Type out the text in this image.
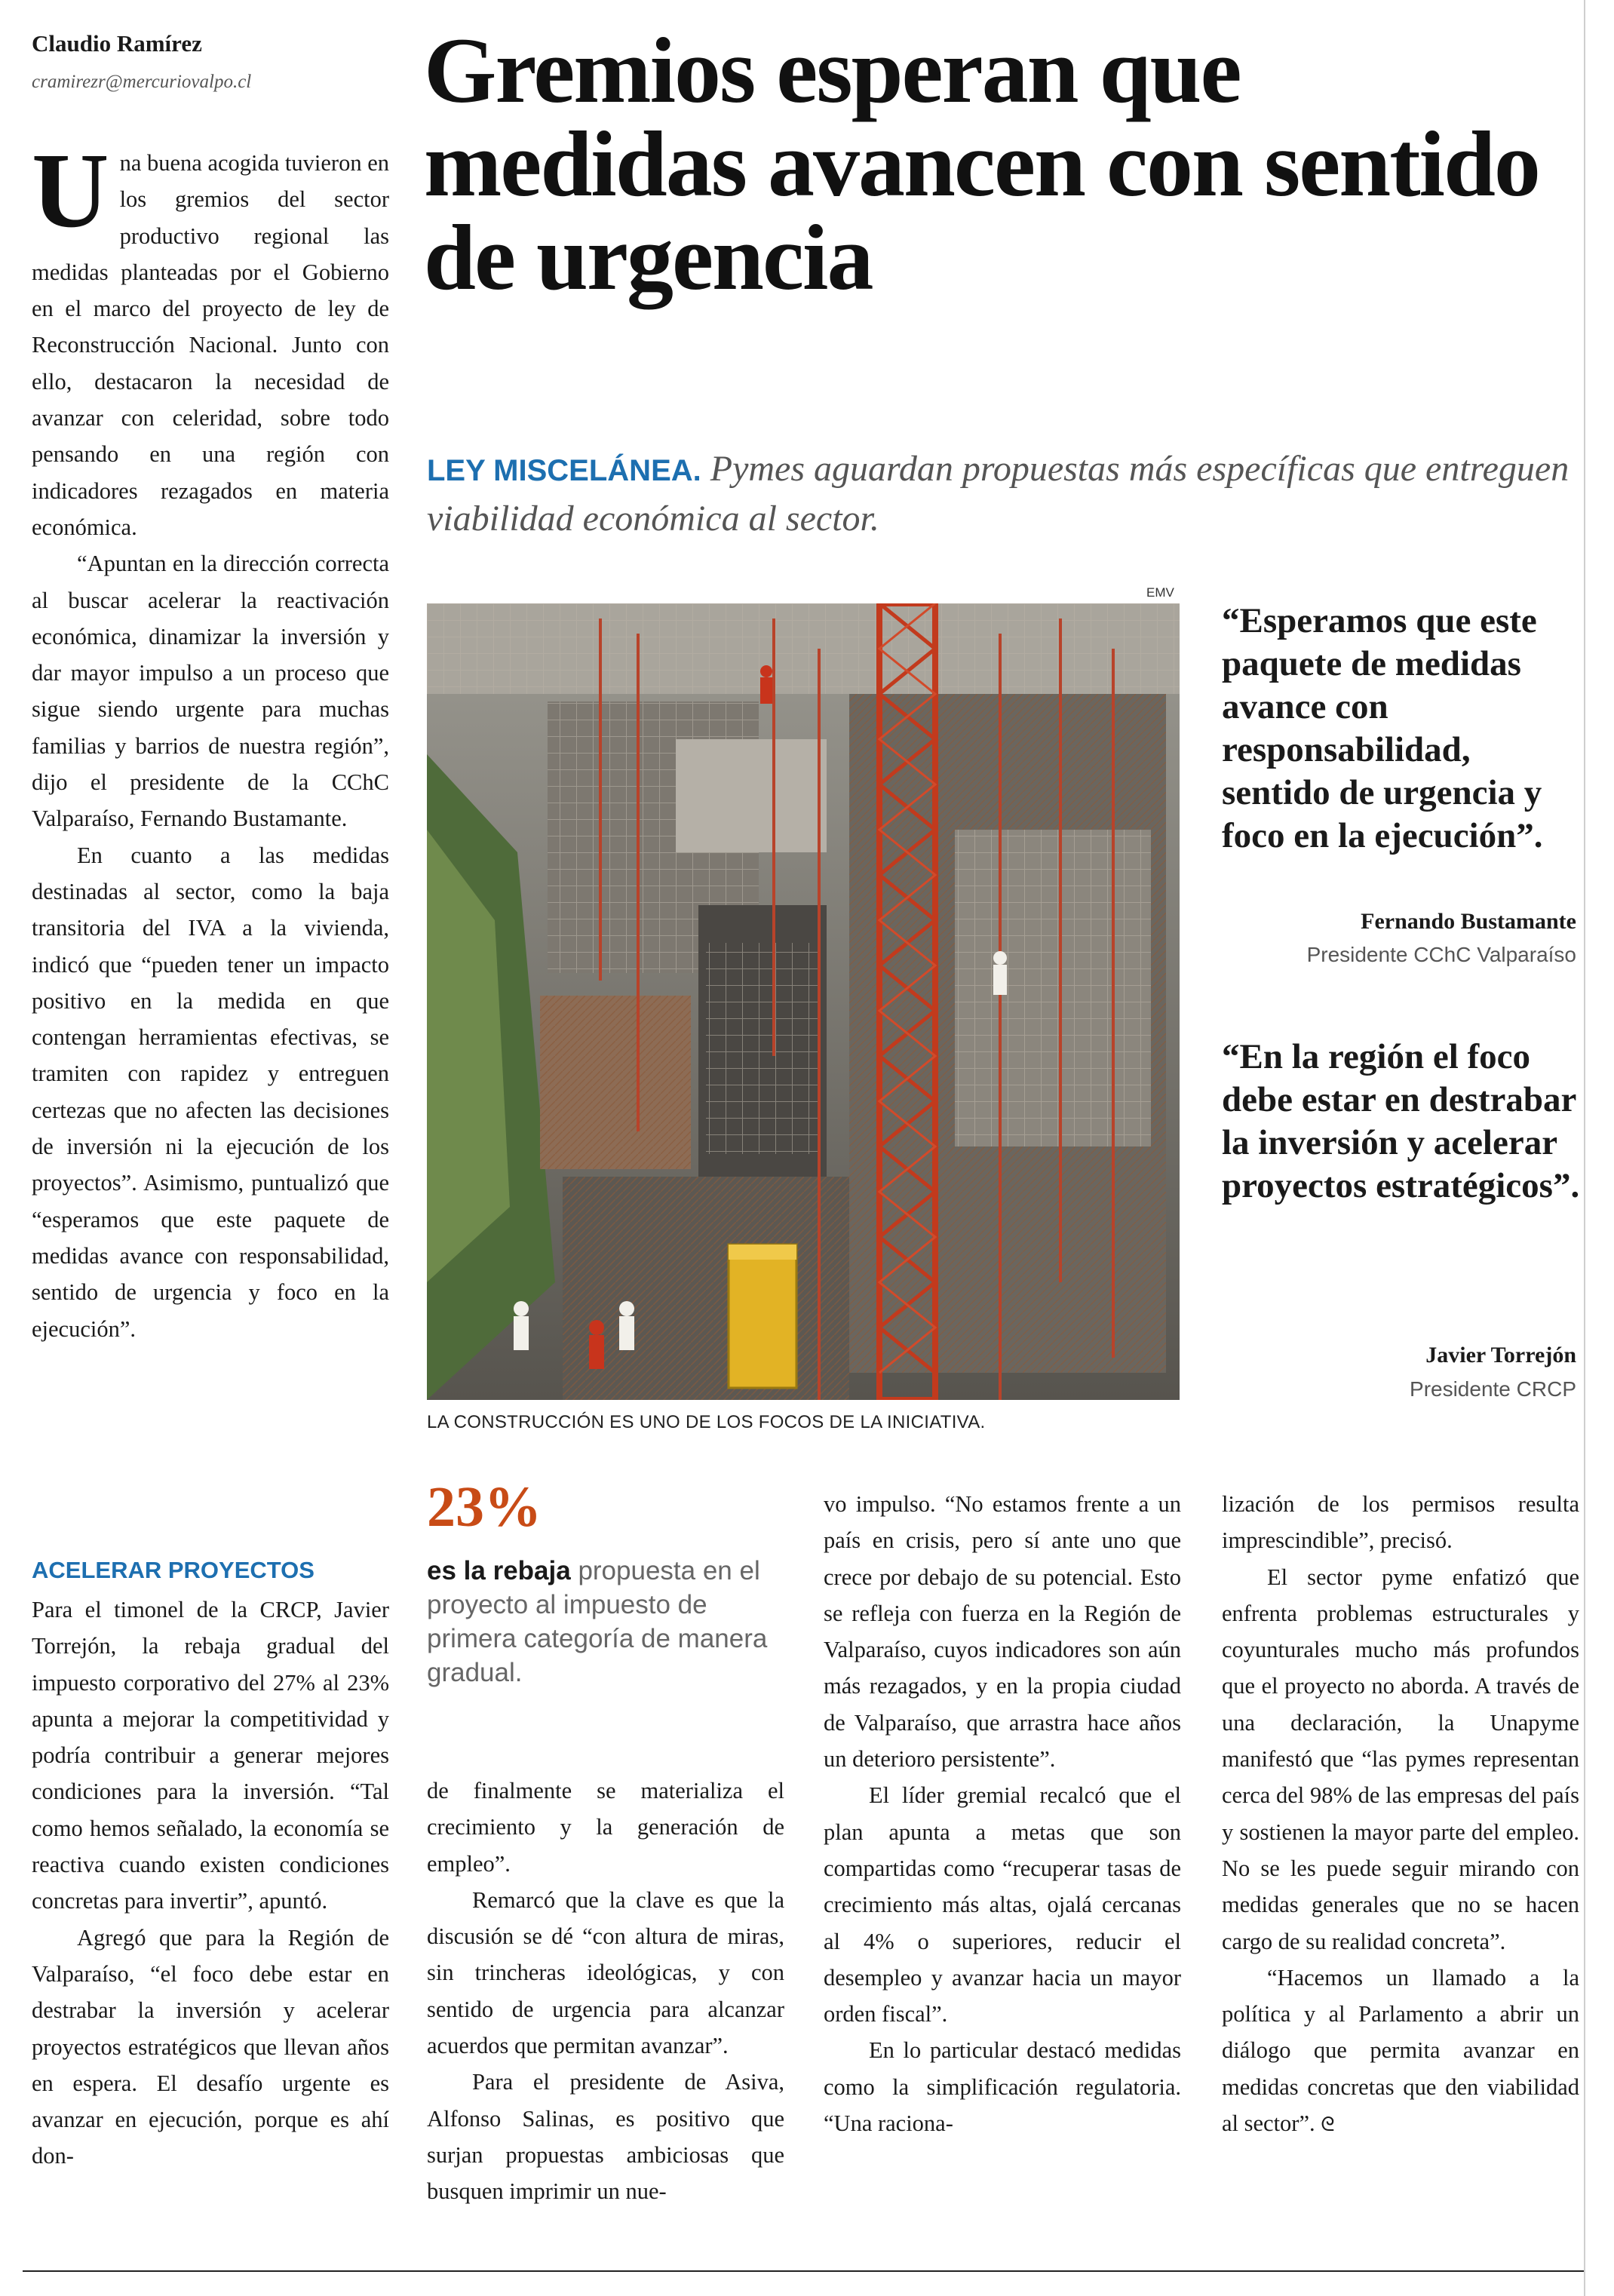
Claudio Ramírez
cramirezr@mercuriovalpo.cl Gremios esperan que medidas avancen con sentido de urgencia
LEY MISCELÁNEA. Pymes aguardan propuestas más específicas que entreguen viabilidad económica al sector.

Una buena acogida tuvieron en los gremios del sector productivo regional las medidas planteadas por el Gobierno en el marco del proyecto de ley de Reconstrucción Nacional. Junto con ello, destacaron la necesidad de avanzar con celeridad, sobre todo pensando en una región con indicadores rezagados en materia económica.

“Apuntan en la dirección correcta al buscar acelerar la reactivación económica, dinamizar la inversión y dar mayor impulso a un proceso que sigue siendo urgente para muchas familias y barrios de nuestra región”, dijo el presidente de la CChC Valparaíso, Fernando Bustamante.

En cuanto a las medidas destinadas al sector, como la baja transitoria del IVA a la vivienda, indicó que “pueden tener un impacto positivo en la medida en que contengan herramientas efectivas, se tramiten con rapidez y entreguen certezas que no afecten las decisiones de inversión ni la ejecución de los proyectos”. Asimismo, puntualizó que “esperamos que este paquete de medidas avance con responsabilidad, sentido de urgencia y foco en la ejecución”.

ACELERAR PROYECTOS

Para el timonel de la CRCP, Javier Torrejón, la rebaja gradual del impuesto corporativo del 27% al 23% apunta a mejorar la competitividad y podría contribuir a generar mejores condiciones para la inversión. “Tal como hemos señalado, la economía se reactiva cuando existen condiciones concretas para invertir”, apuntó.

Agregó que para la Región de Valparaíso, “el foco debe estar en destrabar la inversión y acelerar proyectos estratégicos que llevan años en espera. El desafío urgente es avanzar en ejecución, porque es ahí don-

EMV
LA CONSTRUCCIÓN ES UNO DE LOS FOCOS DE LA INICIATIVA.
“Esperamos que este paquete de medidas avance con responsabilidad, sentido de urgencia y foco en la ejecución”.
Fernando Bustamante
Presidente CChC Valparaíso
“En la región el foco debe estar en destrabar la inversión y acelerar proyectos estratégicos”.
Javier Torrejón
Presidente CRCP
23%
es la rebaja propuesta en el proyecto al impuesto de primera categoría de manera gradual.

de finalmente se materializa el crecimiento y la generación de empleo”.

Remarcó que la clave es que la discusión se dé “con altura de miras, sin trincheras ideológicas, y con sentido de urgencia para alcanzar acuerdos que permitan avanzar”.

Para el presidente de Asiva, Alfonso Salinas, es positivo que surjan propuestas ambiciosas que busquen imprimir un nue-

vo impulso. “No estamos frente a un país en crisis, pero sí ante uno que crece por debajo de su potencial. Esto se refleja con fuerza en la Región de Valparaíso, cuyos indicadores son aún más rezagados, y en la propia ciudad de Valparaíso, que arrastra hace años un deterioro persistente”.

El líder gremial recalcó que el plan apunta a metas que son compartidas como “recuperar tasas de crecimiento más altas, ojalá cercanas al 4% o superiores, reducir el desempleo y avanzar hacia un mayor orden fiscal”.

En lo particular destacó medidas como la simplificación regulatoria. “Una raciona-

lización de los permisos resulta imprescindible”, precisó.

El sector pyme enfatizó que enfrenta problemas estructurales y coyunturales mucho más profundos que el proyecto no aborda. A través de una declaración, la Unapyme manifestó que “las pymes representan cerca del 98% de las empresas del país y sostienen la mayor parte del empleo. No se les puede seguir mirando con medidas generales que no se hacen cargo de su realidad concreta”.

“Hacemos un llamado a la política y al Parlamento a abrir un diálogo que permita avanzar en medidas concretas que den viabilidad al sector”. ᘓ
